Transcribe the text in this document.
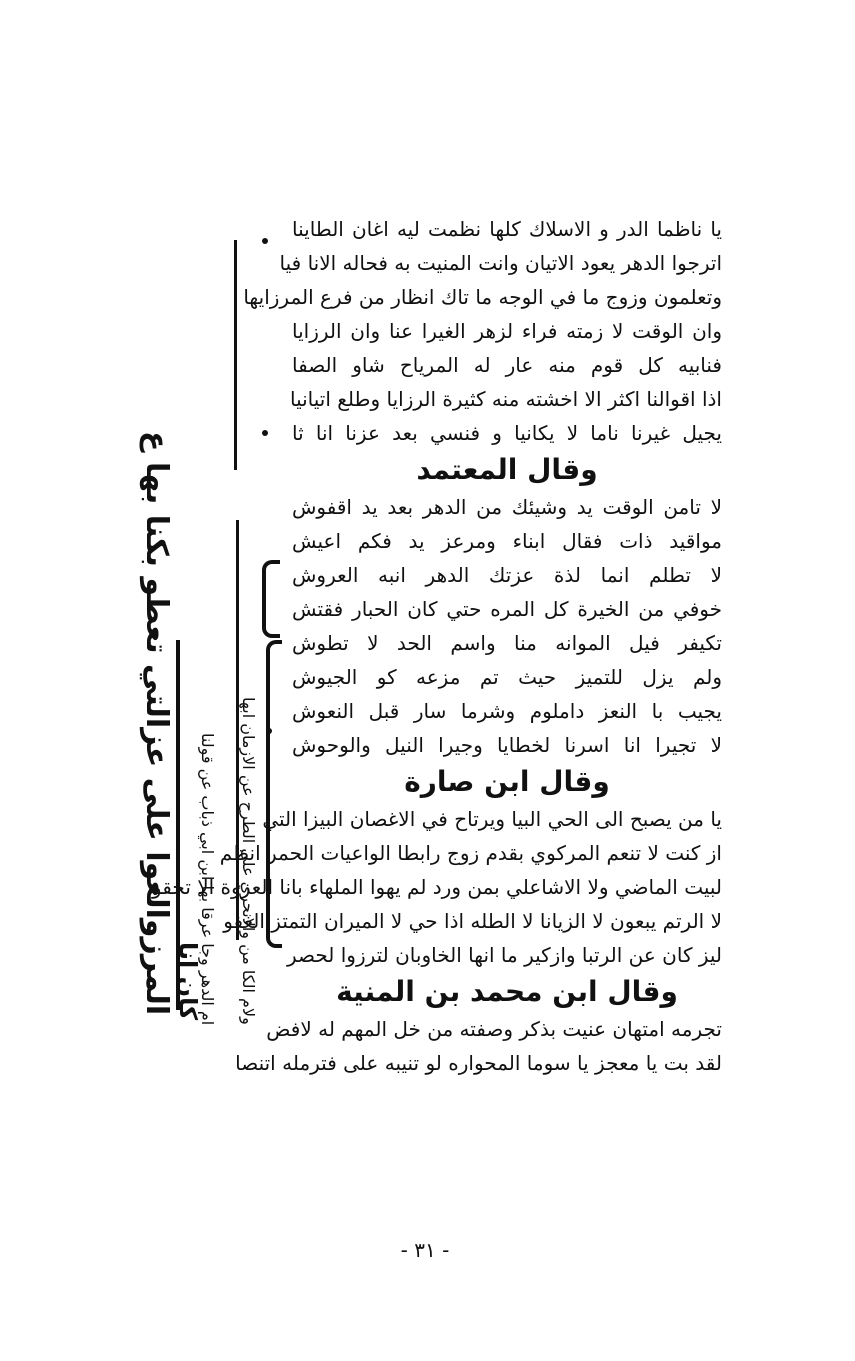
المرزوالعوا على عزالتي تعطو بكنا بها ع	ام الدهر وجا عرقا بها ابن ابي ذباب عن قولنا	ولام الكا من والانحري على الطرح عن الازمان ابها
كان انا
يا ناظما الدر و الاسلاك كلها نظمت ليه اغان الطاينا
اترجوا الدهر يعود الاتيان وانت المنيت به فحاله الانا فيا
وتعلمون وزوج ما في الوجه ما تاك انظار من فرع المرزايها
وان الوقت لا زمته فراء لزهر الغيرا عنا وان الرزايا
فنابيه كل قوم منه عار له المرياح شاو الصفا
اذا اقوالنا اكثر الا اخشته منه كثيرة الرزايا وطلع اتيانيا
يجيل غيرنا ناما لا يكانيا و فنسي بعد عزنا انا ثا
وقال المعتمد
لا تامن الوقت يد وشيئك من الدهر بعد يد اقفوش
مواقيد ذات فقال ابناء ومرعز يد فكم اعيش
لا تطلم انما لذة عزتك الدهر انبه العروش
خوفي من الخيرة كل المره حتي كان الحبار فقتش
تكيفر فيل الموانه منا واسم الحد لا تطوش
ولم يزل للتميز حيث تم مزعه كو الجيوش
يجيب با النعز داملوم وشرما سار قبل النعوش
لا تجيرا انا اسرنا لخطايا وجيرا النيل والوحوش
وقال ابن صارة
يا من يصبح الى الحي البيا ويرتاح في الاغصان البيزا التي
از كنت لا تنعم المركوي بقدم زوج رابطا الواعيات الحمر انظم
لبيت الماضي ولا الاشاعلي بمن ورد لم يهوا الملهاء بانا العزوة الا تحقو
لا الرتم يبعون لا الزيانا لا الطله اذا حي لا الميران التمتز الغفو
ليز كان عن الرتبا وازكير ما انها الخاوبان لترزوا لحصر
وقال ابن محمد بن المنية
تجرمه امتهان عنيت بذكر وصفته من خل المهم له لافض
لقد بت يا معجز يا سوما المحواره لو تنيبه على فترمله اتنصا
- ٣١ -
